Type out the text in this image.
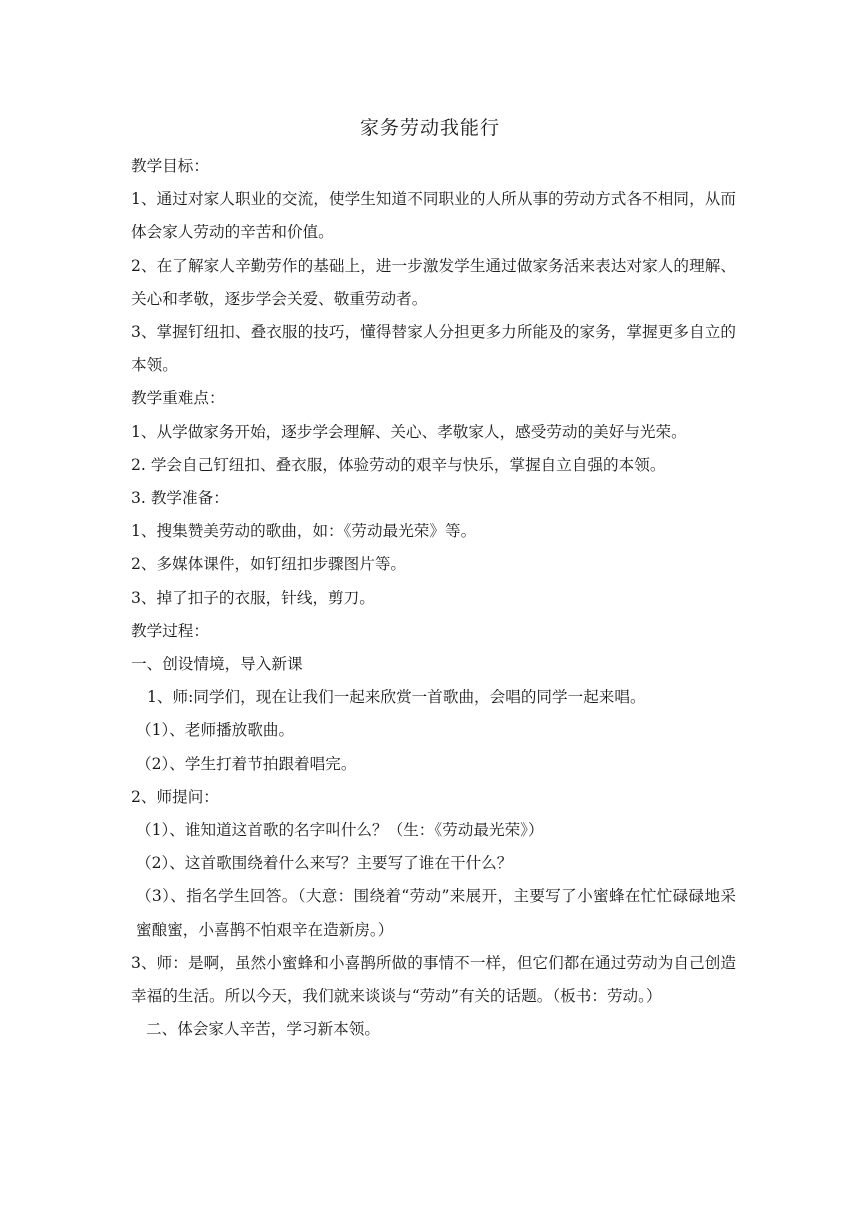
家务劳动我能行

教学目标：

1、通过对家人职业的交流，使学生知道不同职业的人所从事的劳动方式各不相同，从而体会家人劳动的辛苦和价值。

2、在了解家人辛勤劳作的基础上，进一步激发学生通过做家务活来表达对家人的理解、关心和孝敬，逐步学会关爱、敬重劳动者。

3、掌握钉纽扣、叠衣服的技巧，懂得替家人分担更多力所能及的家务，掌握更多自立的本领。

教学重难点：

1、从学做家务开始，逐步学会理解、关心、孝敬家人，感受劳动的美好与光荣。

2. 学会自己钉纽扣、叠衣服，体验劳动的艰辛与快乐，掌握自立自强的本领。

3. 教学准备：

1、搜集赞美劳动的歌曲，如：《劳动最光荣》等。

2、多媒体课件，如钉纽扣步骤图片等。

3、掉了扣子的衣服，针线，剪刀。

教学过程：

一、创设情境，导入新课

1、师:同学们，现在让我们一起来欣赏一首歌曲，会唱的同学一起来唱。

（1）、老师播放歌曲。

（2）、学生打着节拍跟着唱完。

2、师提问：

（1）、谁知道这首歌的名字叫什么？（生：《劳动最光荣》）

（2）、这首歌围绕着什么来写？主要写了谁在干什么？

（3）、指名学生回答。（大意：围绕着“劳动”来展开，主要写了小蜜蜂在忙忙碌碌地采蜜酿蜜，小喜鹊不怕艰辛在造新房。）

3、师：是啊，虽然小蜜蜂和小喜鹊所做的事情不一样，但它们都在通过劳动为自己创造幸福的生活。所以今天，我们就来谈谈与“劳动”有关的话题。（板书：劳动。）

二、体会家人辛苦，学习新本领。
